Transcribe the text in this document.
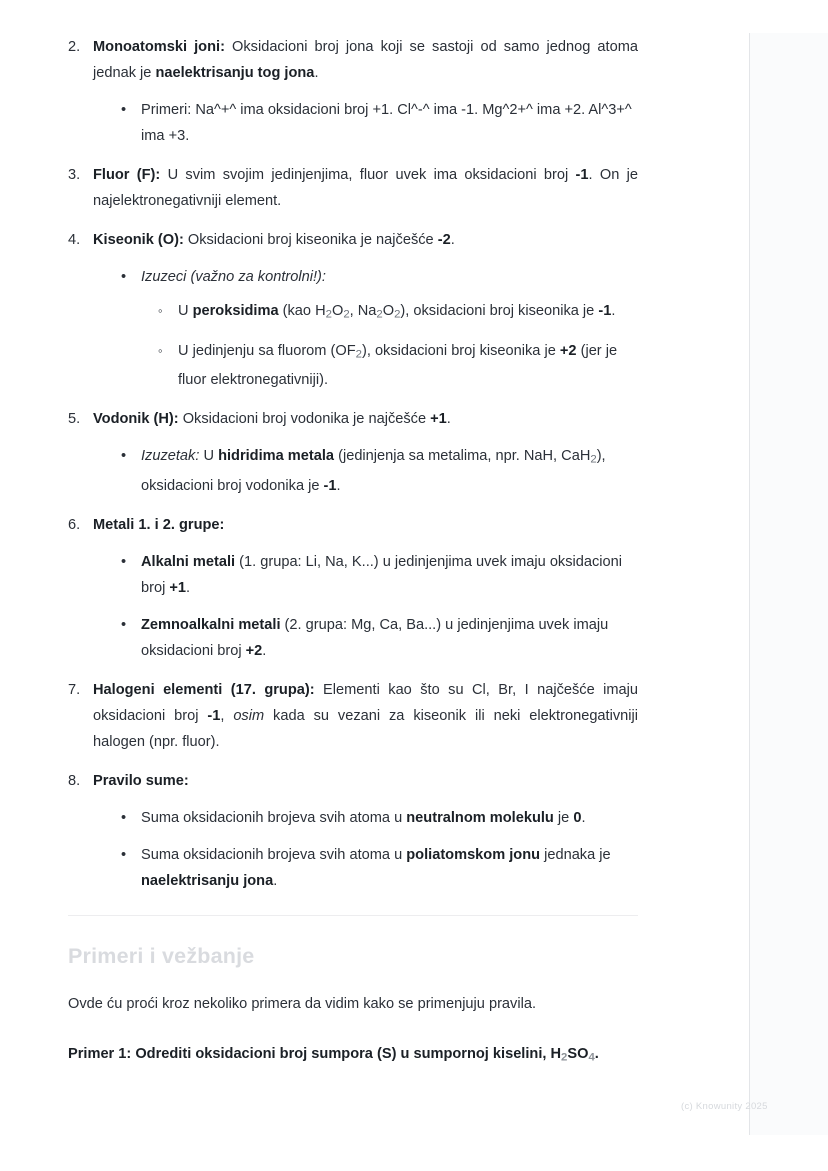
2. Monoatomski joni: Oksidacioni broj jona koji se sastoji od samo jednog atoma jednak je naelektrisanju tog jona.

• Primeri: Na^+^ ima oksidacioni broj +1. Cl^-^ ima -1. Mg^2+^ ima +2. Al^3+^ ima +3.
3. Fluor (F): U svim svojim jedinjenjima, fluor uvek ima oksidacioni broj -1. On je najelektronegativniji element.

4. Kiseonik (O): Oksidacioni broj kiseonika je najčešće -2.

• Izuzeci (važno za kontrolni!):
◦ U peroksidima (kao $H_2O_2$, $Na_2O_2$), oksidacioni broj kiseonika je -1.
◦ U jedinjenju sa fluorom $(OF_2)$, oksidacioni broj kiseonika je +2 (jer je fluor elektronegativniji).
5. Vodonik (H): Oksidacioni broj vodonika je najčešće +1.

• Izuzetak: U hidridima metala (jedinjenja sa metalima, npr. NaH, CaH$_2$), oksidacioni broj vodonika je -1.
6. Metali 1. i 2. grupe:

• Alkalni metali (1. grupa: Li, Na, K...) u jedinjenjima uvek imaju oksidacioni broj +1.
• Zemnoalkalni metali (2. grupa: Mg, Ca, Ba...) u jedinjenjima uvek imaju oksidacioni broj +2.
7. Halogeni elementi (17. grupa): Elementi kao što su Cl, Br, I najčešće imaju oksidacioni broj -1, osim kada su vezani za kiseonik ili neki elektronegativniji halogen (npr. fluor).

8. Pravilo sume:

• Suma oksidacionih brojeva svih atoma u neutralnom molekulu je 0.
• Suma oksidacionih brojeva svih atoma u poliatomskom jonu jednaka je naelektrisanju jona.
Primeri i vežbanje

Ovde ću proći kroz nekoliko primera da vidim kako se primenjuju pravila.

Primer 1: Odrediti oksidacioni broj sumpora (S) u sumpornoj kiselini, $H_2SO_4$.

(c) Knowunity 2025
